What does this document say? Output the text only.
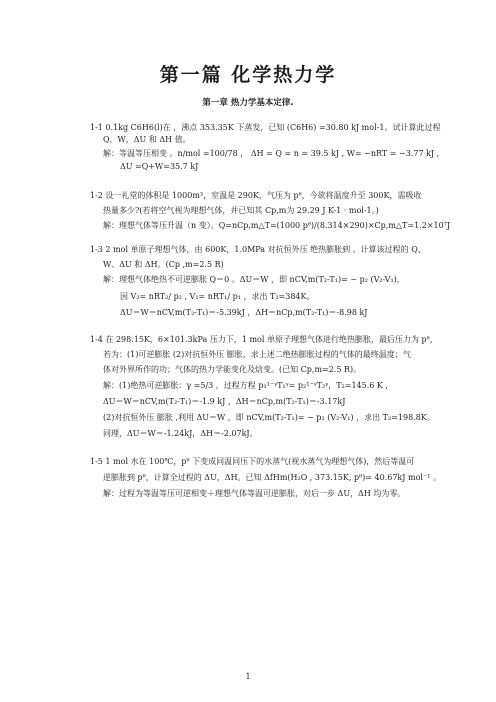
第一篇 化学热力学
第一章 热力学基本定律.
1-1 0.1kg C6H6(l)在 ，沸点 353.35K 下蒸发，已知 (C6H6) =30.80 kJ mol-1。试计算此过程
Q，W，ΔU 和 ΔH 值。
解：等温等压相变 。n/mol =100/78 ， ΔH = Q = n = 39.5 kJ , W= −nRT = −3.77 kJ ,
ΔU =Q+W=35.7 kJ
1-2 设一礼堂的体积是 1000m³，室温是 290K，气压为 pᶿ，今欲将温度升至 300K，需吸收
热量多少?(若将空气视为理想气体，并已知其 Cp,m为 29.29 J K-1 · mol-1。)
解：理想气体等压升温（n 变）。Q=nCp,m△T=(1000 pᶿ)/(8.314×290)×Cp,m△T=1.2×10⁷J
1-3 2 mol 单原子理想气体，由 600K，1.0MPa 对抗恒外压 绝热膨胀到 。计算该过程的 Q、
W、ΔU 和 ΔH。(Cp ,m=2.5 R)
解：理想气体绝热不可逆膨胀 Q＝0 。ΔU＝W ，即 nCV,m(T₂-T₁)= − p₂ (V₂-V₁),
因 V₂= nRT₂/ p₂ , V₁= nRT₁/ p₁ ，求出 T₂=384K。
ΔU＝W＝nCV,m(T₂-T₁)＝-5.39kJ ，ΔH＝nCp,m(T₂-T₁)＝-8.98 kJ
1-4 在 298.15K，6×101.3kPa 压力下，1 mol 单原子理想气体进行绝热膨胀，最后压力为 pᶿ，
若为：(1)可逆膨胀 (2)对抗恒外压 膨胀，求上述二绝热膨胀过程的气体的最终温度；气
体对外界所作的功；气体的热力学能变化及焓变。(已知 Cp,m=2.5 R)。
解：(1)绝热可逆膨胀：γ =5/3 ，过程方程 p₁¹⁻ᵞT₁ᵞ= p₂¹⁻ᵞT₂ᵞ，T₂=145.6 K ,
ΔU＝W＝nCV,m(T₂-T₁)＝-1.9 kJ ，ΔH＝nCp,m(T₂-T₁)＝-3.17kJ
(2)对抗恒外压 膨胀 ,利用 ΔU＝W ，即 nCV,m(T₂-T₁)= − p₂ (V₂-V₁) ，求出 T₂=198.8K。
同理，ΔU＝W＝-1.24kJ，ΔH＝-2.07kJ。
1-5 1 mol 水在 100℃，pᶿ 下变成同温同压下的水蒸气(视水蒸气为理想气体)，然后等温可
逆膨胀到 pᶿ，计算全过程的 ΔU，ΔH。已知 ΔfHm(H₂O , 373.15K, pᶿ)= 40.67kJ mol⁻¹ 。
解：过程为等温等压可逆相变＋理想气体等温可逆膨胀，对后一步 ΔU，ΔH 均为零。
1
